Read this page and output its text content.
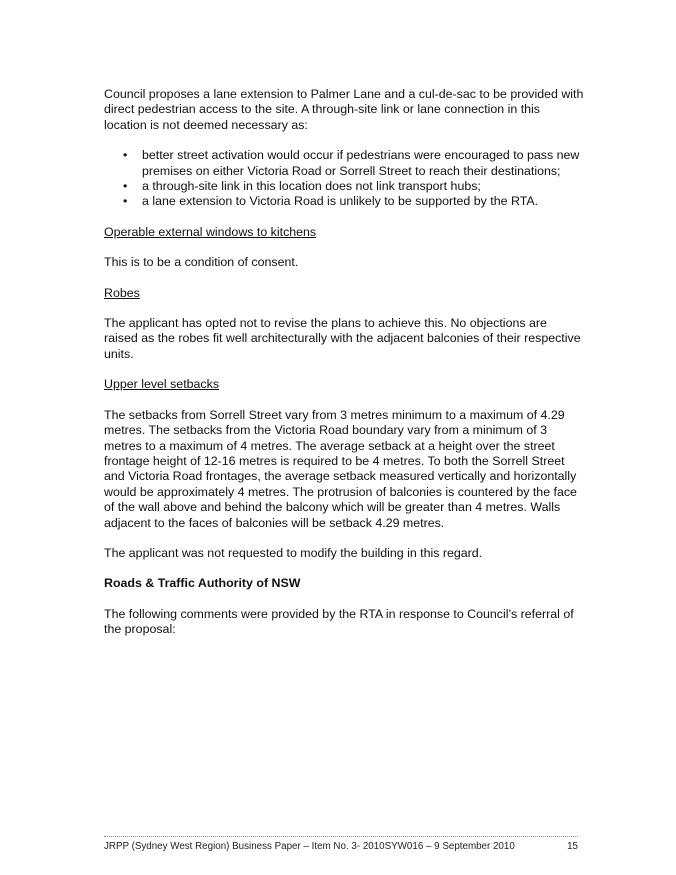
Council proposes a lane extension to Palmer Lane and a cul-de-sac to be provided with direct pedestrian access to the site. A through-site link or lane connection in this location is not deemed necessary as:

• better street activation would occur if pedestrians were encouraged to pass new premises on either Victoria Road or Sorrell Street to reach their destinations;
• a through-site link in this location does not link transport hubs;
• a lane extension to Victoria Road is unlikely to be supported by the RTA.

Operable external windows to kitchens

This is to be a condition of consent.

Robes

The applicant has opted not to revise the plans to achieve this. No objections are raised as the robes fit well architecturally with the adjacent balconies of their respective units.

Upper level setbacks

The setbacks from Sorrell Street vary from 3 metres minimum to a maximum of 4.29 metres. The setbacks from the Victoria Road boundary vary from a minimum of 3 metres to a maximum of 4 metres. The average setback at a height over the street frontage height of 12-16 metres is required to be 4 metres. To both the Sorrell Street and Victoria Road frontages, the average setback measured vertically and horizontally would be approximately 4 metres. The protrusion of balconies is countered by the face of the wall above and behind the balcony which will be greater than 4 metres. Walls adjacent to the faces of balconies will be setback 4.29 metres.

The applicant was not requested to modify the building in this regard.

Roads & Traffic Authority of NSW

The following comments were provided by the RTA in response to Council’s referral of the proposal:

JRPP (Sydney West Region) Business Paper – Item No. 3- 2010SYW016 – 9 September 2010	15
